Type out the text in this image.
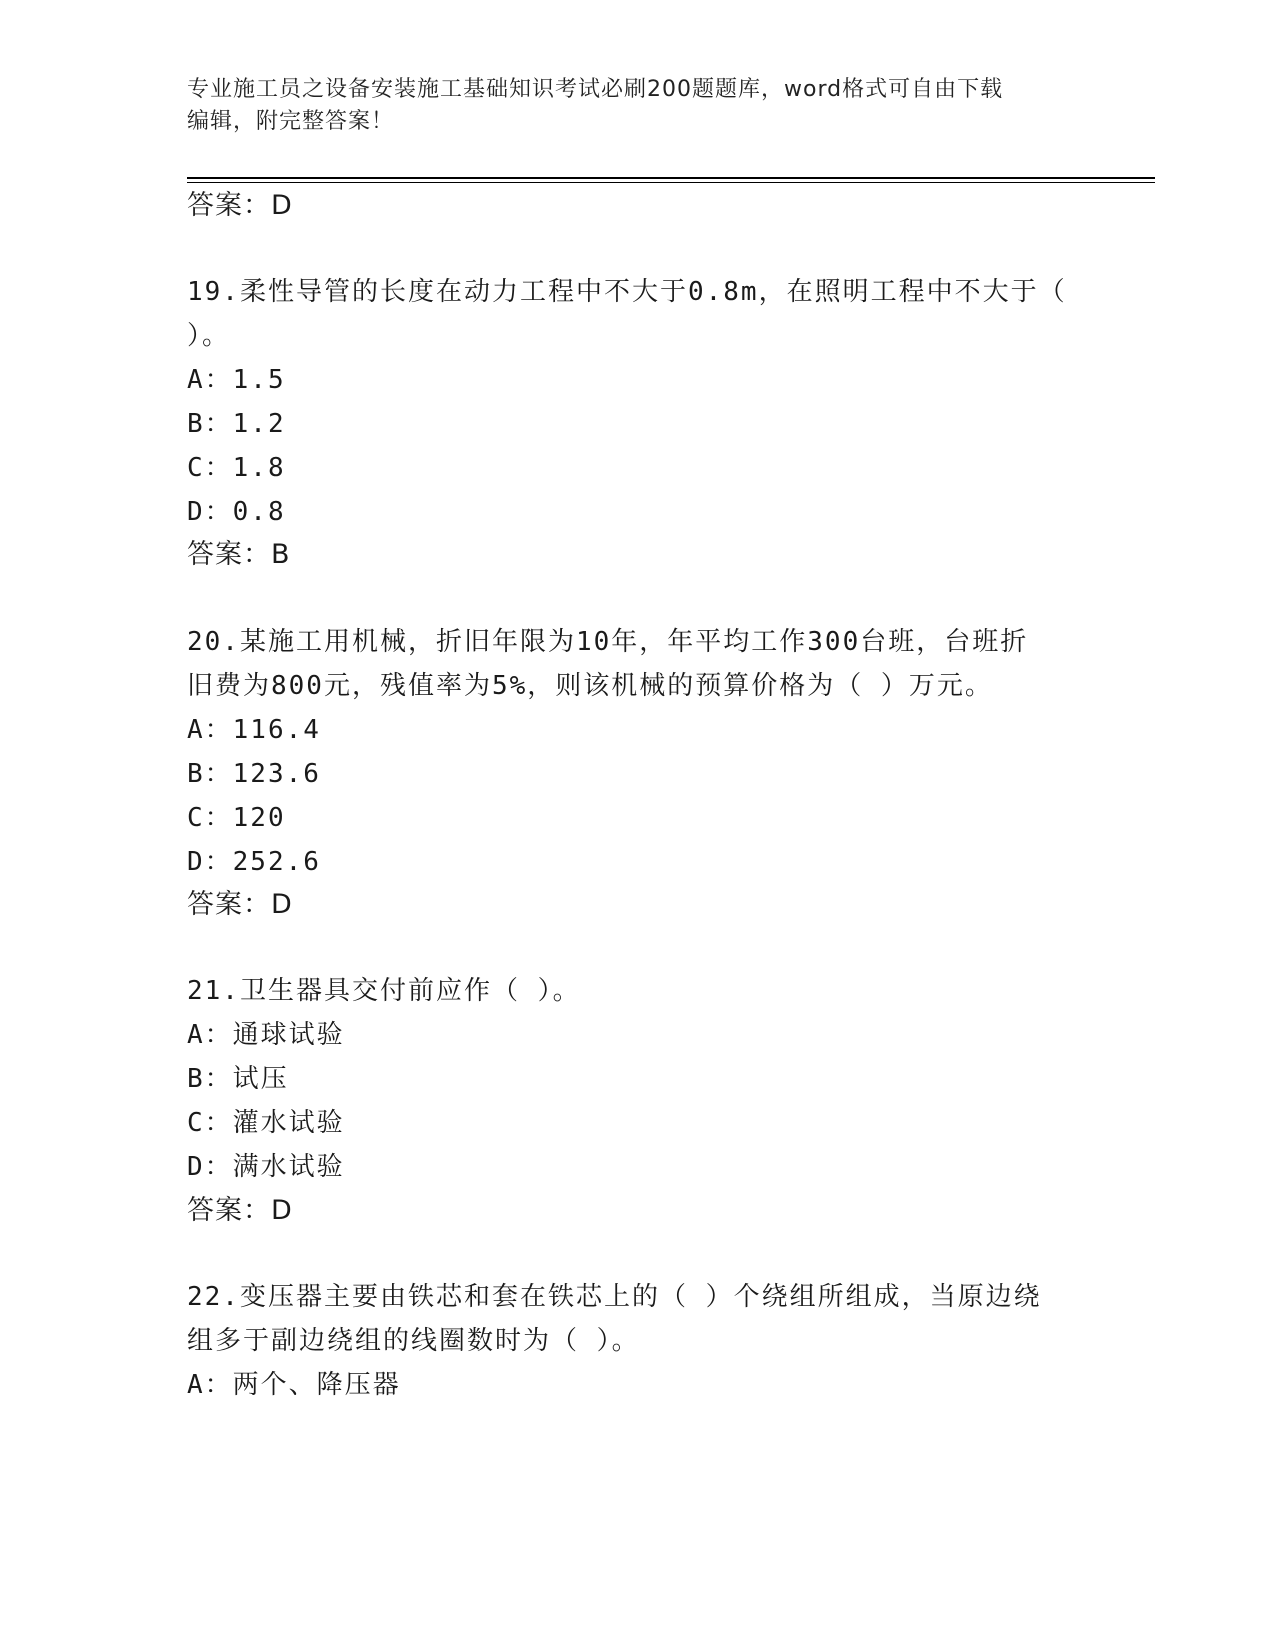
专业施工员之设备安装施工基础知识考试必刷200题题库，word格式可自由下载
编辑，附完整答案！
答案：D
19.柔性导管的长度在动力工程中不大于0.8m，在照明工程中不大于（
）。
A：1.5
B：1.2
C：1.8
D：0.8
答案：B
20.某施工用机械，折旧年限为10年，年平均工作300台班，台班折
旧费为800元，残值率为5%，则该机械的预算价格为（ ）万元。
A：116.4
B：123.6
C：120
D：252.6
答案：D
21.卫生器具交付前应作（ ）。
A：通球试验
B：试压
C：灌水试验
D：满水试验
答案：D
22.变压器主要由铁芯和套在铁芯上的（ ）个绕组所组成，当原边绕
组多于副边绕组的线圈数时为（ ）。
A：两个、降压器
